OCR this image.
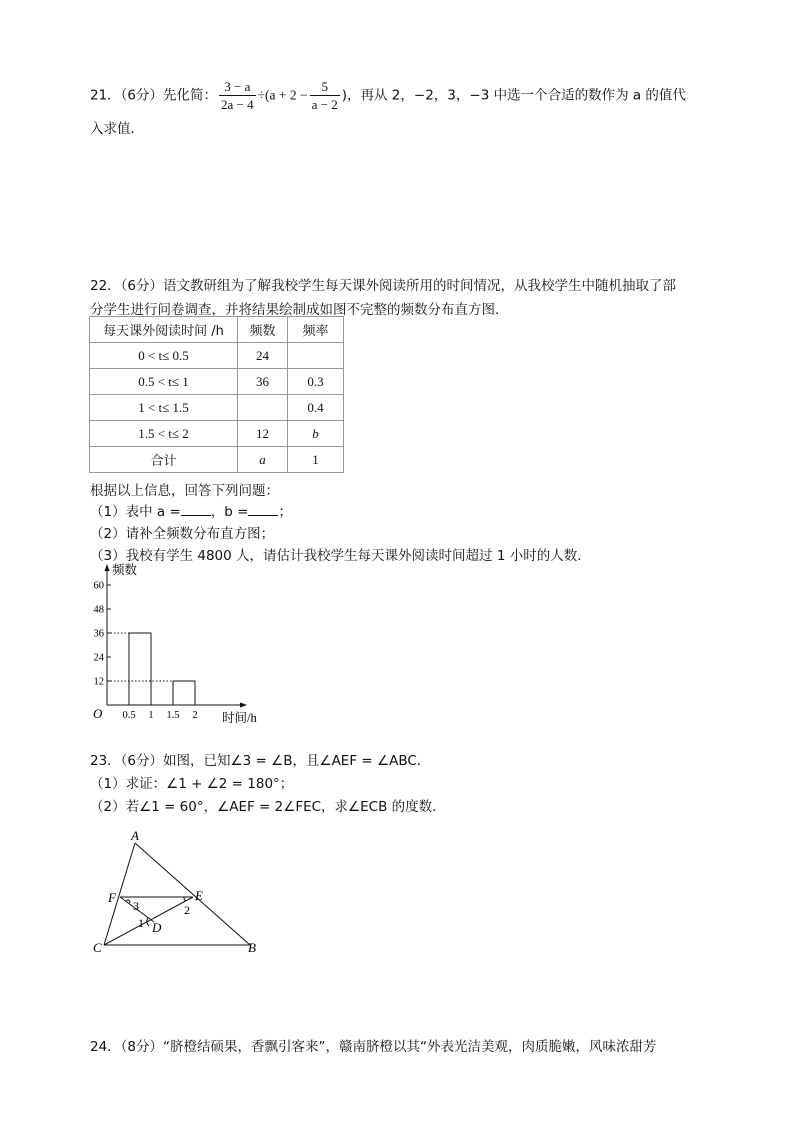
21．（6分）先化简： $\frac{3 - a}{2a - 4} \div(a + 2 - \frac{5}{a - 2}$ )，再从 2，−2，3，−3 中选一个合适的数作为 a 的值代
入求值．
22．（6分）语文教研组为了解我校学生每天课外阅读所用的时间情况，从我校学生中随机抽取了部
分学生进行问卷调查，并将结果绘制成如图不完整的频数分布直方图．
每天课外阅读时间 /h	频数	频率
0 < t≤ 0.5	24	
0.5 < t≤ 1	36	0.3
1 < t≤ 1.5		0.4
1.5 < t≤ 2	12	b
合计	a	1
根据以上信息，回答下列问题：
（1）表中 a = ，b = ；
（2）请补全频数分布直方图；
（3）我校有学生 4800 人，请估计我校学生每天课外阅读时间超过 1 小时的人数．
12
24
36
48
60
0.5 1 1.5 2
频数
时间/h
O
23．（6分）如图，已知∠3 = ∠B，且∠AEF = ∠ABC．
（1）求证：∠1 + ∠2 = 180°；
（2）若∠1 = 60°，∠AEF = 2∠FEC，求∠ECB 的度数．
A
F	E
C	B
D
1
2
3
24．（8分）“脐橙结硕果，香飘引客来”，赣南脐橙以其“外表光洁美观，肉质脆嫩，风味浓甜芳
